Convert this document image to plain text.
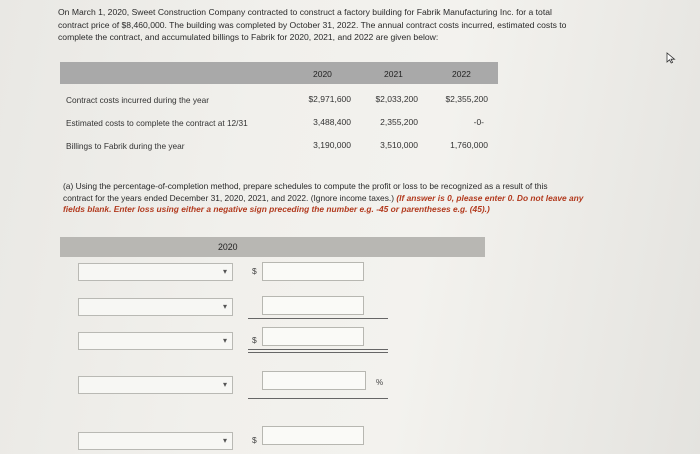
On March 1, 2020, Sweet Construction Company contracted to construct a factory building for Fabrik Manufacturing Inc. for a total
contract price of $8,460,000. The building was completed by October 31, 2022. The annual contract costs incurred, estimated costs to
complete the contract, and accumulated billings to Fabrik for 2020, 2021, and 2022 are given below:
2020	2021	2022
Contract costs incurred during the year	$2,971,600	$2,033,200	$2,355,200
Estimated costs to complete the contract at 12/31	3,488,400	2,355,200	-0-
Billings to Fabrik during the year	3,190,000	3,510,000	1,760,000
(a) Using the percentage-of-completion method, prepare schedules to compute the profit or loss to be recognized as a result of this
contract for the years ended December 31, 2020, 2021, and 2022. (Ignore income taxes.) (If answer is 0, please enter 0. Do not leave any
fields blank. Enter loss using either a negative sign preceding the number e.g. -45 or parentheses e.g. (45).)
2020
▾	$
▾
▾	$
▾	%
▾	$
